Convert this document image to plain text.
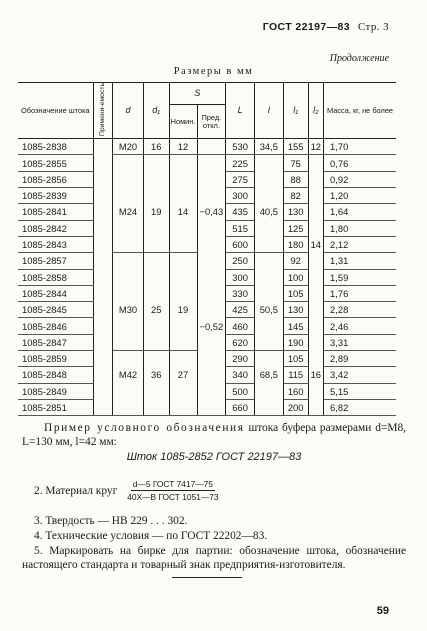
ГОСТ 22197—83 Стр. 3
Продолжение
Размеры в мм
Обозначение штока	Примени-емость	d	d₁	S		L	l	l₁	l₂	Масса, кг, не более
				Номин.	Пред. откл.					
1085-2838		M20	16	12		530	34,5	155	12	1,70
1085-2855						225		75		0,76
1085-2856						275		88		0,92
1085-2839						300		82		1,20
1085-2841		M24	19	14	−0,43	435	40,5	130		1,64
1085-2842						515		125		1,80
1085-2843						600		180	14	2,12
1085-2857						250		92		1,31
1085-2858						300		100		1,59
1085-2844						330		105		1,76
1085-2845		M30	25	19		425	50,5	130		2,28
1085-2846					−0,52	460		145		2,46
1085-2847						620		190		3,31
1085-2859						290		105		2,89
1085-2848		M42	36	27		340	68,5	115	16	3,42
1085-2849						500		160		5,15
1085-2851						660		200		6,82
Пример условного обозначения штока буфера размерами d=M8, L=130 мм, l=42 мм:
Шток 1085-2852 ГОСТ 22197—83
2. Материал круг $\frac{\text{d—5 ГОСТ 7417—75}}{\text{40X—В ГОСТ 1051—73}}$
3. Твердость — НВ 229 . . . 302.
4. Технические условия — по ГОСТ 22202—83.
5. Маркировать на бирке для партии: обозначение штока, обозначение настоящего стандарта и товарный знак предприятия-изготовителя.
59
